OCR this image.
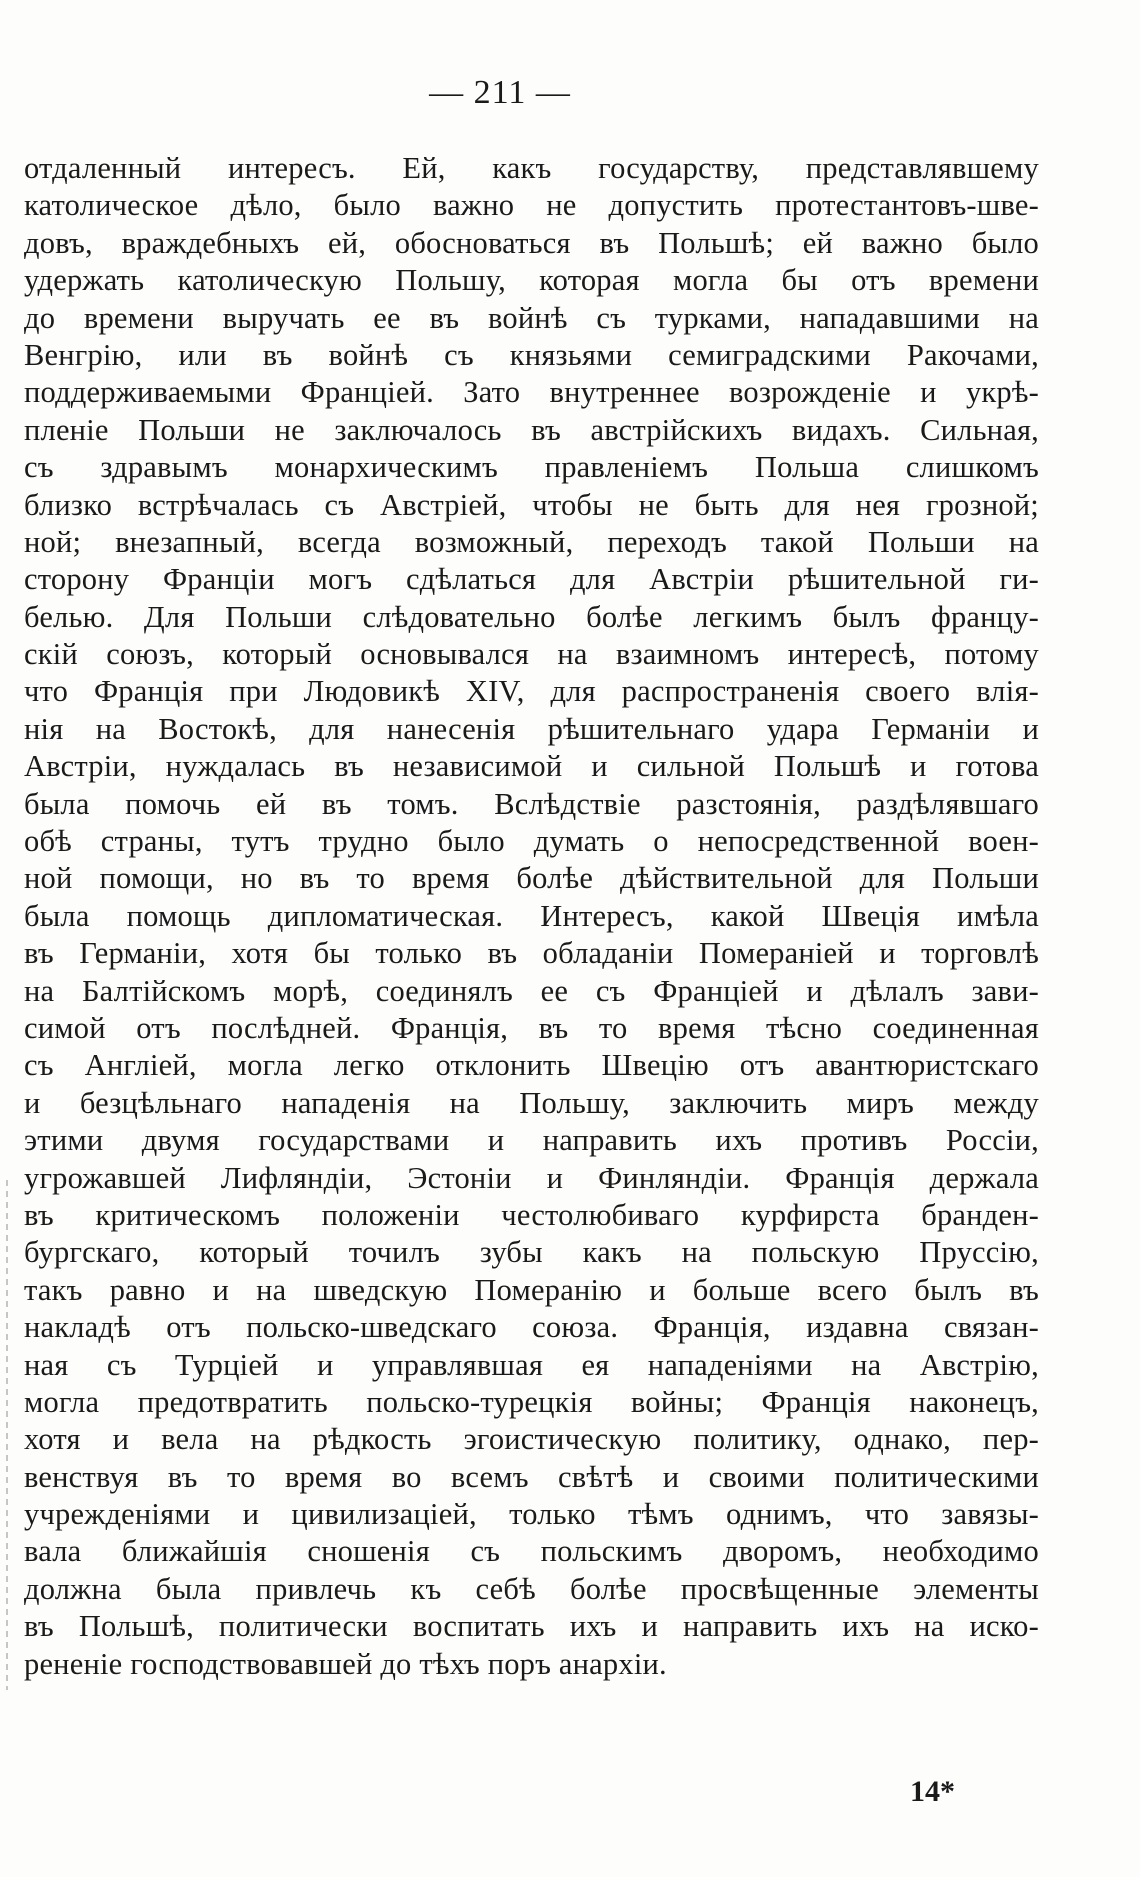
— 211 —
отдаленный интересъ. Ей, какъ государству, представлявшему
католическое дѣло, было важно не допустить протестантовъ-шве-
довъ, враждебныхъ ей, обосноваться въ Польшѣ; ей важно было
удержать католическую Польшу, которая могла бы отъ времени
до времени выручать ее въ войнѣ съ турками, нападавшими на
Венгрію, или въ войнѣ съ князьями семиградскими Ракочами,
поддерживаемыми Франціей. Зато внутреннее возрожденіе и укрѣ-
пленіе Польши не заключалось въ австрійскихъ видахъ. Сильная,
съ здравымъ монархическимъ правленіемъ Польша слишкомъ
близко встрѣчалась съ Австріей, чтобы не быть для нея грозной;
ной; внезапный, всегда возможный, переходъ такой Польши на
сторону Франціи могъ сдѣлаться для Австріи рѣшительной ги-
белью. Для Польши слѣдовательно болѣе легкимъ былъ францу-
скій союзъ, который основывался на взаимномъ интересѣ, потому
что Франція при Людовикѣ XIV, для распространенія своего влія-
нія на Востокѣ, для нанесенія рѣшительнаго удара Германіи и
Австріи, нуждалась въ независимой и сильной Польшѣ и готова
была помочь ей въ томъ. Вслѣдствіе разстоянія, раздѣлявшаго
обѣ страны, тутъ трудно было думать о непосредственной воен-
ной помощи, но въ то время болѣе дѣйствительной для Польши
была помощь дипломатическая. Интересъ, какой Швеція имѣла
въ Германіи, хотя бы только въ обладаніи Помераніей и торговлѣ
на Балтійскомъ морѣ, соединялъ ее съ Франціей и дѣлалъ зави-
симой отъ послѣдней. Франція, въ то время тѣсно соединенная
съ Англіей, могла легко отклонить Швецію отъ авантюристскаго
и безцѣльнаго нападенія на Польшу, заключить миръ между
этими двумя государствами и направить ихъ противъ Россіи,
угрожавшей Лифляндіи, Эстоніи и Финляндіи. Франція держала
въ критическомъ положеніи честолюбиваго курфирста бранден-
бургскаго, который точилъ зубы какъ на польскую Пруссію,
такъ равно и на шведскую Померанію и больше всего былъ въ
накладѣ отъ польско-шведскаго союза. Франція, издавна связан-
ная съ Турціей и управлявшая ея нападеніями на Австрію,
могла предотвратить польско-турецкія войны; Франція наконецъ,
хотя и вела на рѣдкость эгоистическую политику, однако, пер-
венствуя въ то время во всемъ свѣтѣ и своими политическими
учрежденіями и цивилизаціей, только тѣмъ однимъ, что завязы-
вала ближайшія сношенія съ польскимъ дворомъ, необходимо
должна была привлечь къ себѣ болѣе просвѣщенные элементы
въ Польшѣ, политически воспитать ихъ и направить ихъ на иско-
рененіе господствовавшей до тѣхъ поръ анархіи.
14*
